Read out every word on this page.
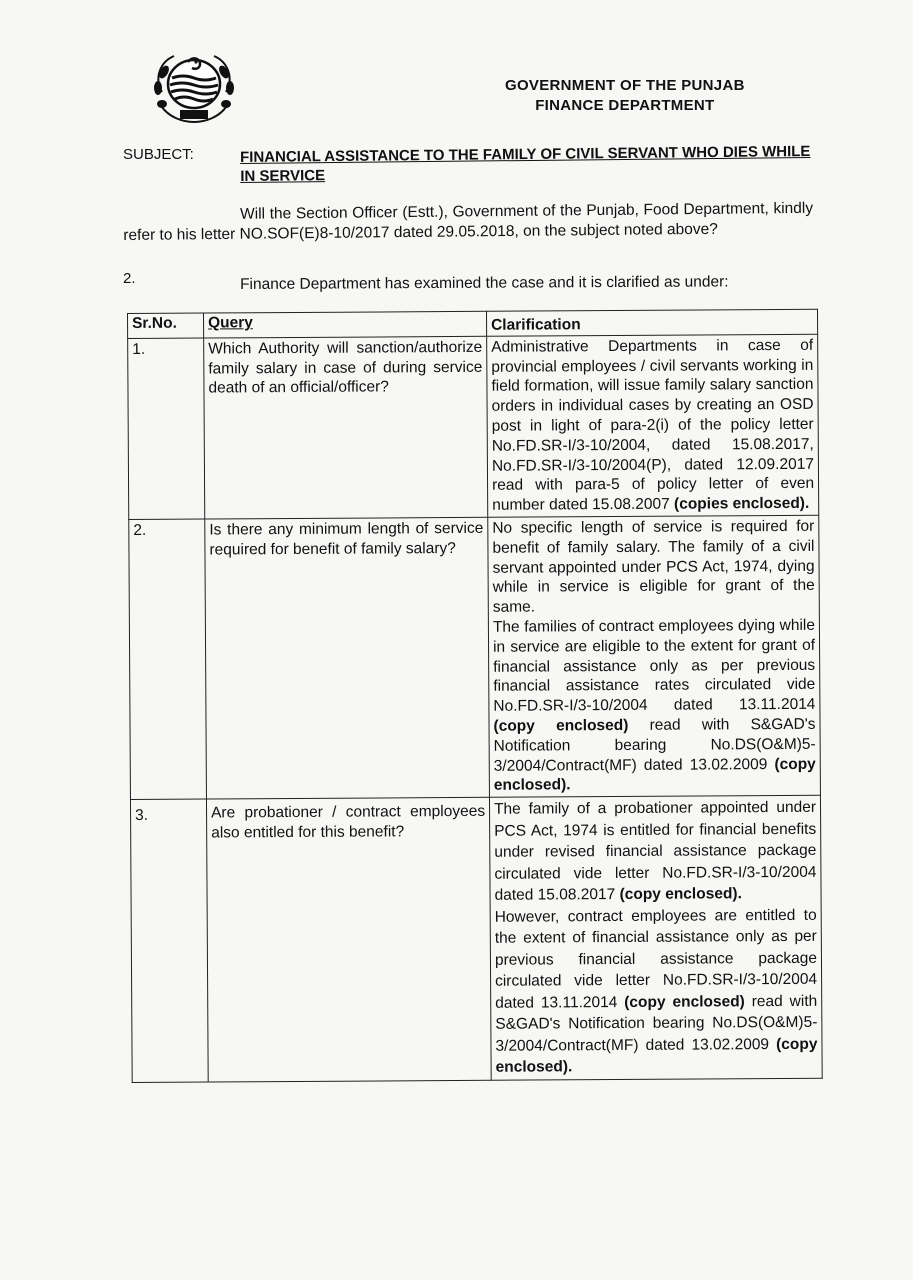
GOVERNMENT OF THE PUNJAB
FINANCE DEPARTMENT
SUBJECT:	FINANCIAL ASSISTANCE TO THE FAMILY OF CIVIL SERVANT WHO DIES WHILE IN SERVICE
Will the Section Officer (Estt.), Government of the Punjab, Food Department, kindly refer to his letter NO.SOF(E)8-10/2017 dated 29.05.2018, on the subject noted above?
2.	Finance Department has examined the case and it is clarified as under:
Sr.No.	Query	Clarification
1.	Which Authority will sanction/authorize family salary in case of during service death of an official/officer?	Administrative Departments in case of provincial employees / civil servants working in field formation, will issue family salary sanction orders in individual cases by creating an OSD post in light of para-2(i) of the policy letter No.FD.SR-I/3-10/2004, dated 15.08.2017, No.FD.SR-I/3-10/2004(P), dated 12.09.2017 read with para-5 of policy letter of even number dated 15.08.2007 (copies enclosed).
2.	Is there any minimum length of service required for benefit of family salary?	No specific length of service is required for benefit of family salary. The family of a civil servant appointed under PCS Act, 1974, dying while in service is eligible for grant of the same.
The families of contract employees dying while in service are eligible to the extent for grant of financial assistance only as per previous financial assistance rates circulated vide No.FD.SR-I/3-10/2004 dated 13.11.2014 (copy enclosed) read with S&GAD's Notification bearing No.DS(O&M)5-3/2004/Contract(MF) dated 13.02.2009 (copy enclosed).

3.	Are probationer / contract employees also entitled for this benefit?	The family of a probationer appointed under PCS Act, 1974 is entitled for financial benefits under revised financial assistance package circulated vide letter No.FD.SR-I/3-10/2004 dated 15.08.2017 (copy enclosed).
However, contract employees are entitled to the extent of financial assistance only as per previous financial assistance package circulated vide letter No.FD.SR-I/3-10/2004 dated 13.11.2014 (copy enclosed) read with S&GAD's Notification bearing No.DS(O&M)5-3/2004/Contract(MF) dated 13.02.2009 (copy enclosed).
